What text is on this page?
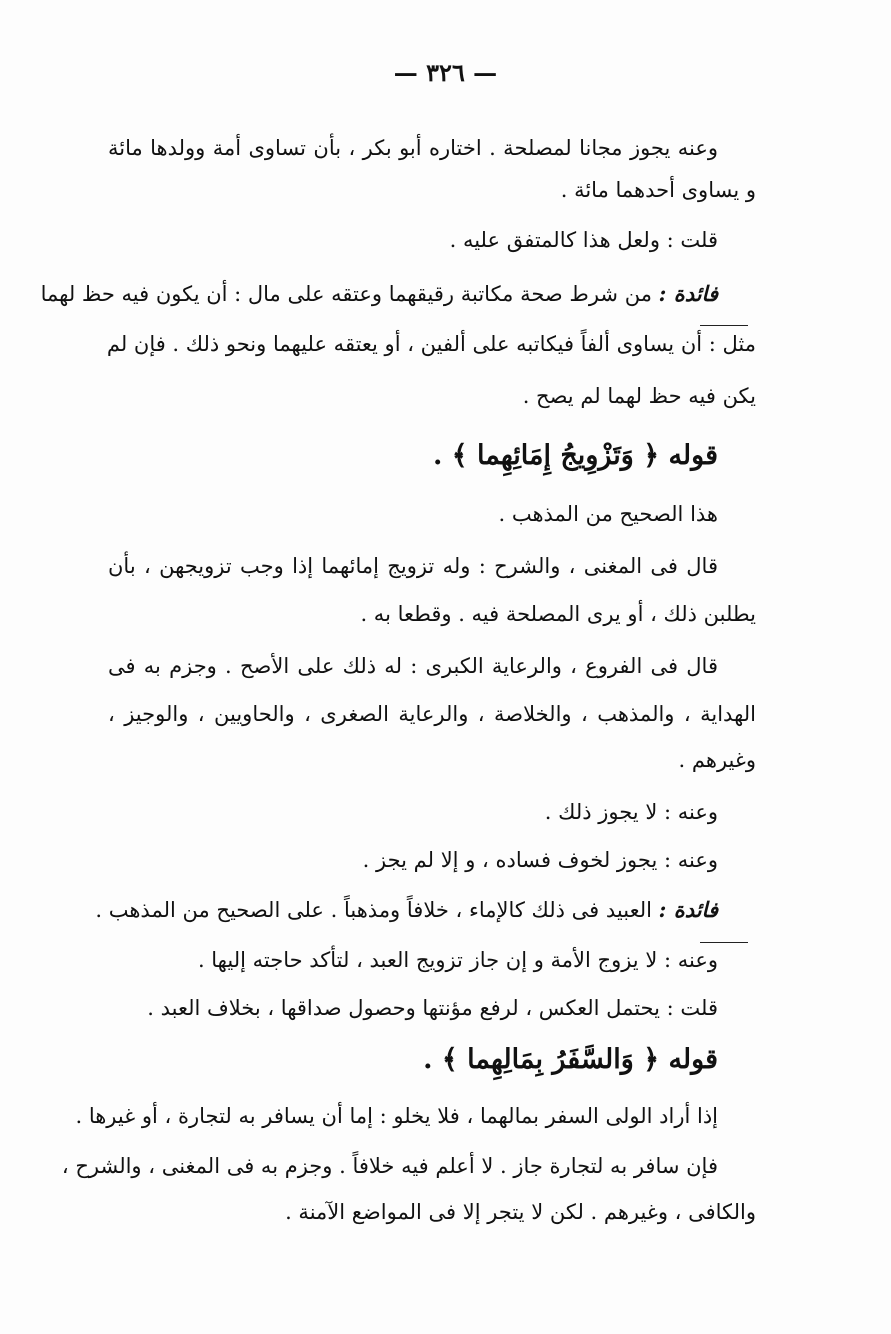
— ٣٢٦ —
وعنه يجوز مجانا لمصلحة . اختاره أبو بكر ، بأن تساوى أمة وولدها مائة
و يساوى أحدهما مائة .
قلت : ولعل هذا كالمتفق عليه .
فائدة : من شرط صحة مكاتبة رقيقهما وعتقه على مال : أن يكون فيه حظ لهما
مثل : أن يساوى ألفاً فيكاتبه على ألفين ، أو يعتقه عليهما ونحو ذلك . فإن لم
يكن فيه حظ لهما لم يصح .
قوله ﴿ وَتَزْوِيجُ إِمَائِهِما ﴾ .
هذا الصحيح من المذهب .
قال فى المغنى ، والشرح : وله تزويج إمائهما إذا وجب تزويجهن ، بأن
يطلبن ذلك ، أو يرى المصلحة فيه . وقطعا به .
قال فى الفروع ، والرعاية الكبرى : له ذلك على الأصح . وجزم به فى
الهداية ، والمذهب ، والخلاصة ، والرعاية الصغرى ، والحاويين ، والوجيز ،
وغيرهم .
وعنه : لا يجوز ذلك .
وعنه : يجوز لخوف فساده ، و إلا لم يجز .
فائدة : العبيد فى ذلك كالإماء ، خلافاً ومذهباً . على الصحيح من المذهب .
وعنه : لا يزوج الأمة و إن جاز تزويج العبد ، لتأكد حاجته إليها .
قلت : يحتمل العكس ، لرفع مؤنتها وحصول صداقها ، بخلاف العبد .
قوله ﴿ وَالسَّفَرُ بِمَالِهِما ﴾ .
إذا أراد الولى السفر بمالهما ، فلا يخلو : إما أن يسافر به لتجارة ، أو غيرها .
فإن سافر به لتجارة جاز . لا أعلم فيه خلافاً . وجزم به فى المغنى ، والشرح ،
والكافى ، وغيرهم . لكن لا يتجر إلا فى المواضع الآمنة .
